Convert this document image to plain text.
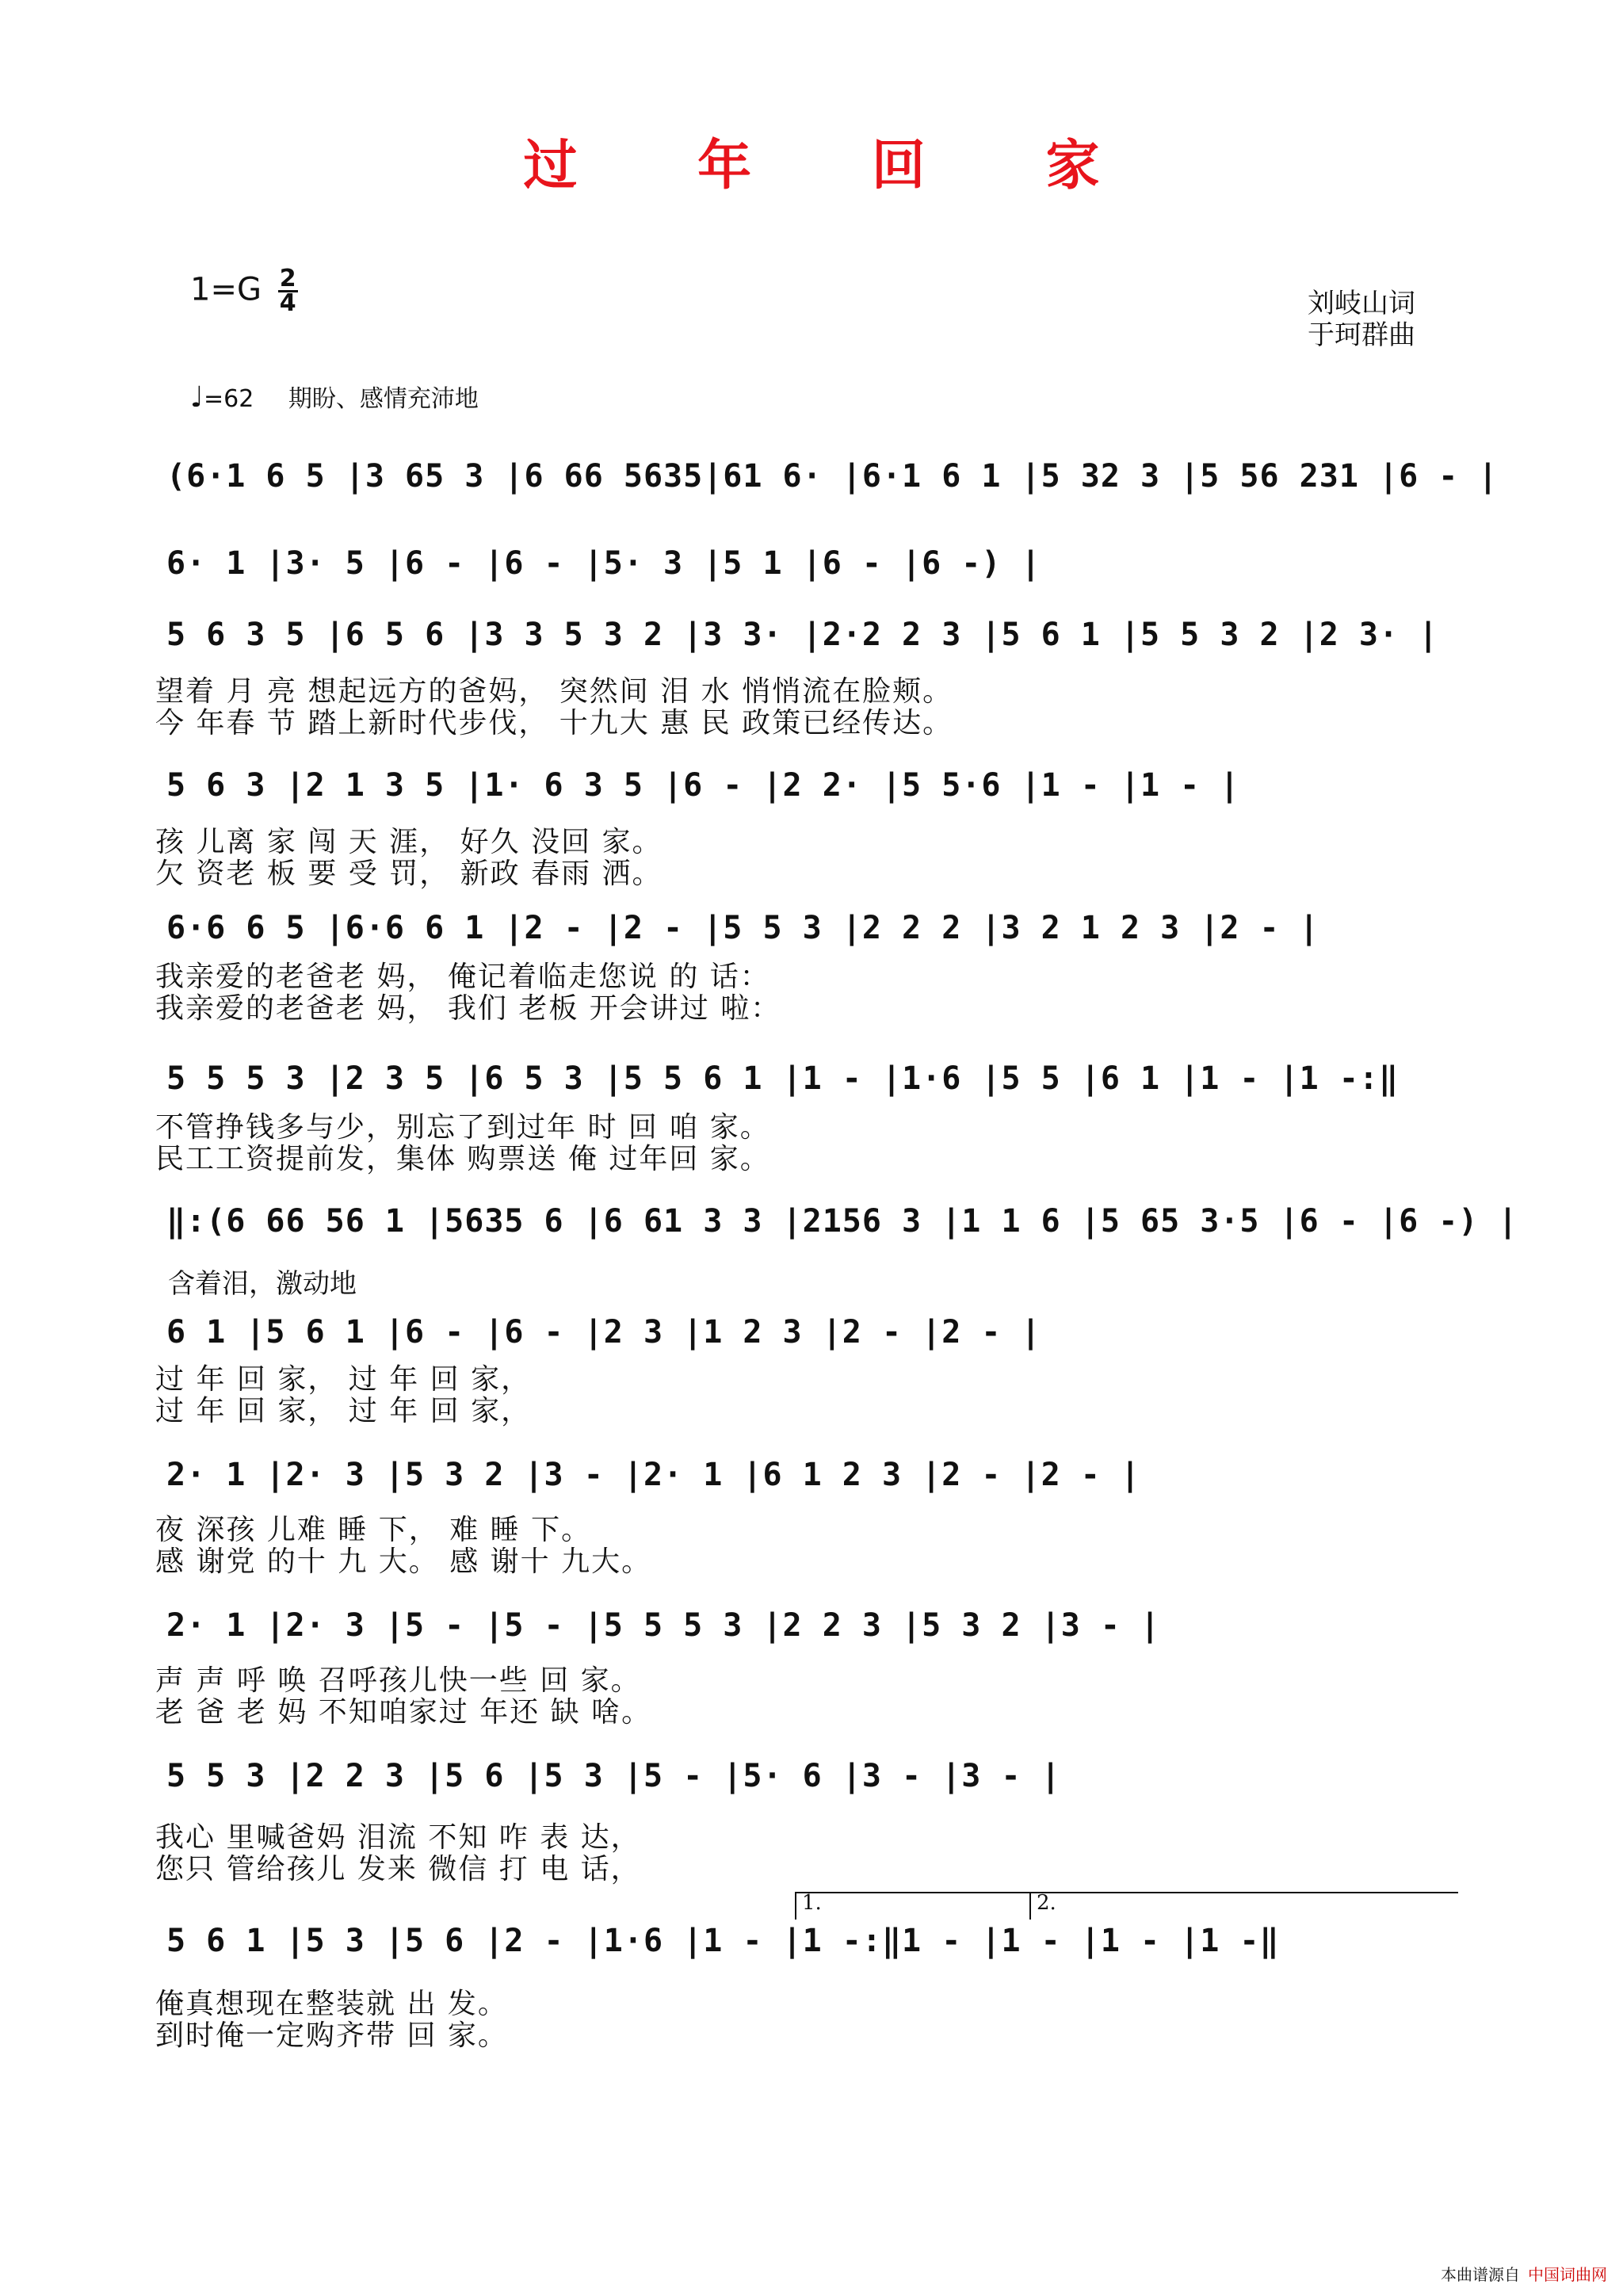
过 年 回 家
$1=G \frac{2}{4}$	刘岐山词
于珂群曲
♩=62 期盼、感情充沛地
含着泪，激动地
(6·1 6 5 |3 65 3 |6 66 5635|61 6· |6·1 6 1 |5 32 3 |5 56 231 |6 - |
6· 1 |3· 5 |6 - |6 - |5· 3 |5 1 |6 - |6 -) |
5 6 3 5 |6 5 6 |3 3 5 3 2 |3 3· |2·2 2 3 |5 6 1 |5 5 3 2 |2 3· |
望着 月 亮 想起远方的爸妈， 突然间 泪 水 悄悄流在脸颊。
今 年春 节 踏上新时代步伐， 十九大 惠 民 政策已经传达。
5 6 3 |2 1 3 5 |1· 6 3 5 |6 - |2 2· |5 5·6 |1 - |1 - |
孩 儿离 家 闯 天 涯， 好久 没回 家。
欠 资老 板 要 受 罚， 新政 春雨 洒。
6·6 6 5 |6·6 6 1 |2 - |2 - |5 5 3 |2 2 2 |3 2 1 2 3 |2 - |
我亲爱的老爸老 妈， 俺记着临走您说 的 话：
我亲爱的老爸老 妈， 我们 老板 开会讲过 啦：
5 5 5 3 |2 3 5 |6 5 3 |5 5 6 1 |1 - |1·6 |5 5 |6 1 |1 - |1 -:‖
不管挣钱多与少，别忘了到过年 时 回 咱 家。
民工工资提前发，集体 购票送 俺 过年回 家。
‖:(6 66 56 1 |5635 6 |6 61 3 3 |2156 3 |1 1 6 |5 65 3·5 |6 - |6 -) |
6 1 |5 6 1 |6 - |6 - |2 3 |1 2 3 |2 - |2 - |
过 年 回 家， 过 年 回 家，
过 年 回 家， 过 年 回 家，
2· 1 |2· 3 |5 3 2 |3 - |2· 1 |6 1 2 3 |2 - |2 - |
夜 深孩 儿难 睡 下， 难 睡 下。
感 谢党 的十 九 大。 感 谢十 九大。
2· 1 |2· 3 |5 - |5 - |5 5 5 3 |2 2 3 |5 3 2 |3 - |
声 声 呼 唤 召呼孩儿快一些 回 家。
老 爸 老 妈 不知咱家过 年还 缺 啥。
5 5 3 |2 2 3 |5 6 |5 3 |5 - |5· 6 |3 - |3 - |
我心 里喊爸妈 泪流 不知 咋 表 达，
您只 管给孩儿 发来 微信 打 电 话，
5 6 1 |5 3 |5 6 |2 - |1·6 |1 - |1 -:‖1 - |1 - |1 - |1 -‖
俺真想现在整装就 出 发。
到时俺一定购齐带 回 家。
1.	2.
本曲谱源自 中国词曲网
